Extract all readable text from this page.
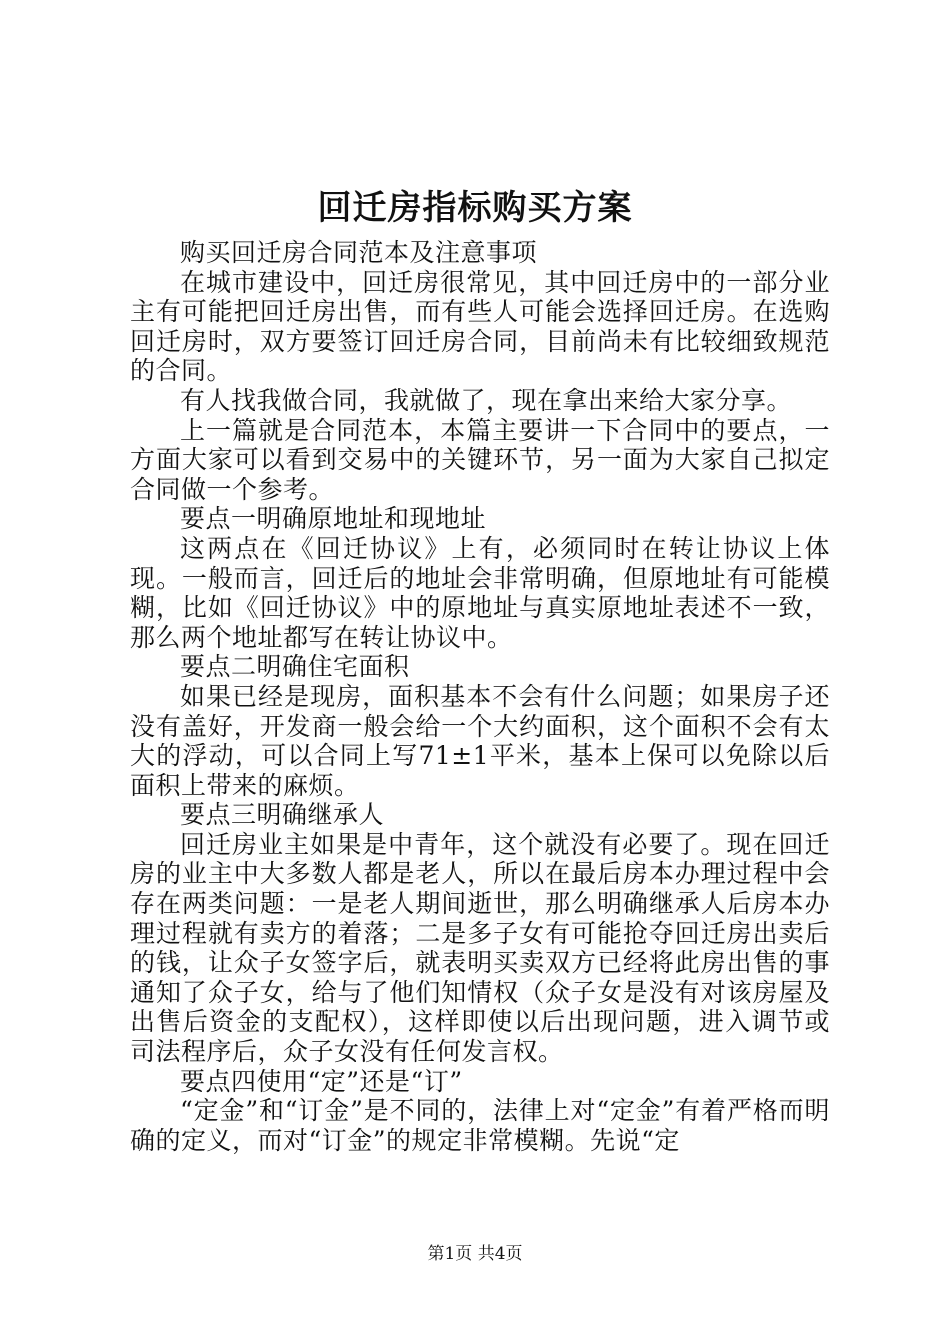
回迁房指标购买方案

购买回迁房合同范本及注意事项

在城市建设中，回迁房很常见，其中回迁房中的一部分业主有可能把回迁房出售，而有些人可能会选择回迁房。在选购回迁房时，双方要签订回迁房合同，目前尚未有比较细致规范的合同。

有人找我做合同，我就做了，现在拿出来给大家分享。

上一篇就是合同范本，本篇主要讲一下合同中的要点，一方面大家可以看到交易中的关键环节，另一面为大家自己拟定合同做一个参考。

要点一明确原地址和现地址

这两点在《回迁协议》上有，必须同时在转让协议上体现。一般而言，回迁后的地址会非常明确，但原地址有可能模糊，比如《回迁协议》中的原地址与真实原地址表述不一致，那么两个地址都写在转让协议中。

要点二明确住宅面积

如果已经是现房，面积基本不会有什么问题；如果房子还没有盖好，开发商一般会给一个大约面积，这个面积不会有太大的浮动，可以合同上写71±1平米，基本上保可以免除以后面积上带来的麻烦。

要点三明确继承人

回迁房业主如果是中青年，这个就没有必要了。现在回迁房的业主中大多数人都是老人，所以在最后房本办理过程中会存在两类问题：一是老人期间逝世，那么明确继承人后房本办理过程就有卖方的着落；二是多子女有可能抢夺回迁房出卖后的钱，让众子女签字后，就表明买卖双方已经将此房出售的事通知了众子女，给与了他们知情权（众子女是没有对该房屋及出售后资金的支配权），这样即使以后出现问题，进入调节或司法程序后，众子女没有任何发言权。

要点四使用“定”还是“订”

“定金”和“订金”是不同的，法律上对“定金”有着严格而明确的定义，而对“订金”的规定非常模糊。先说“定

第1页 共4页
